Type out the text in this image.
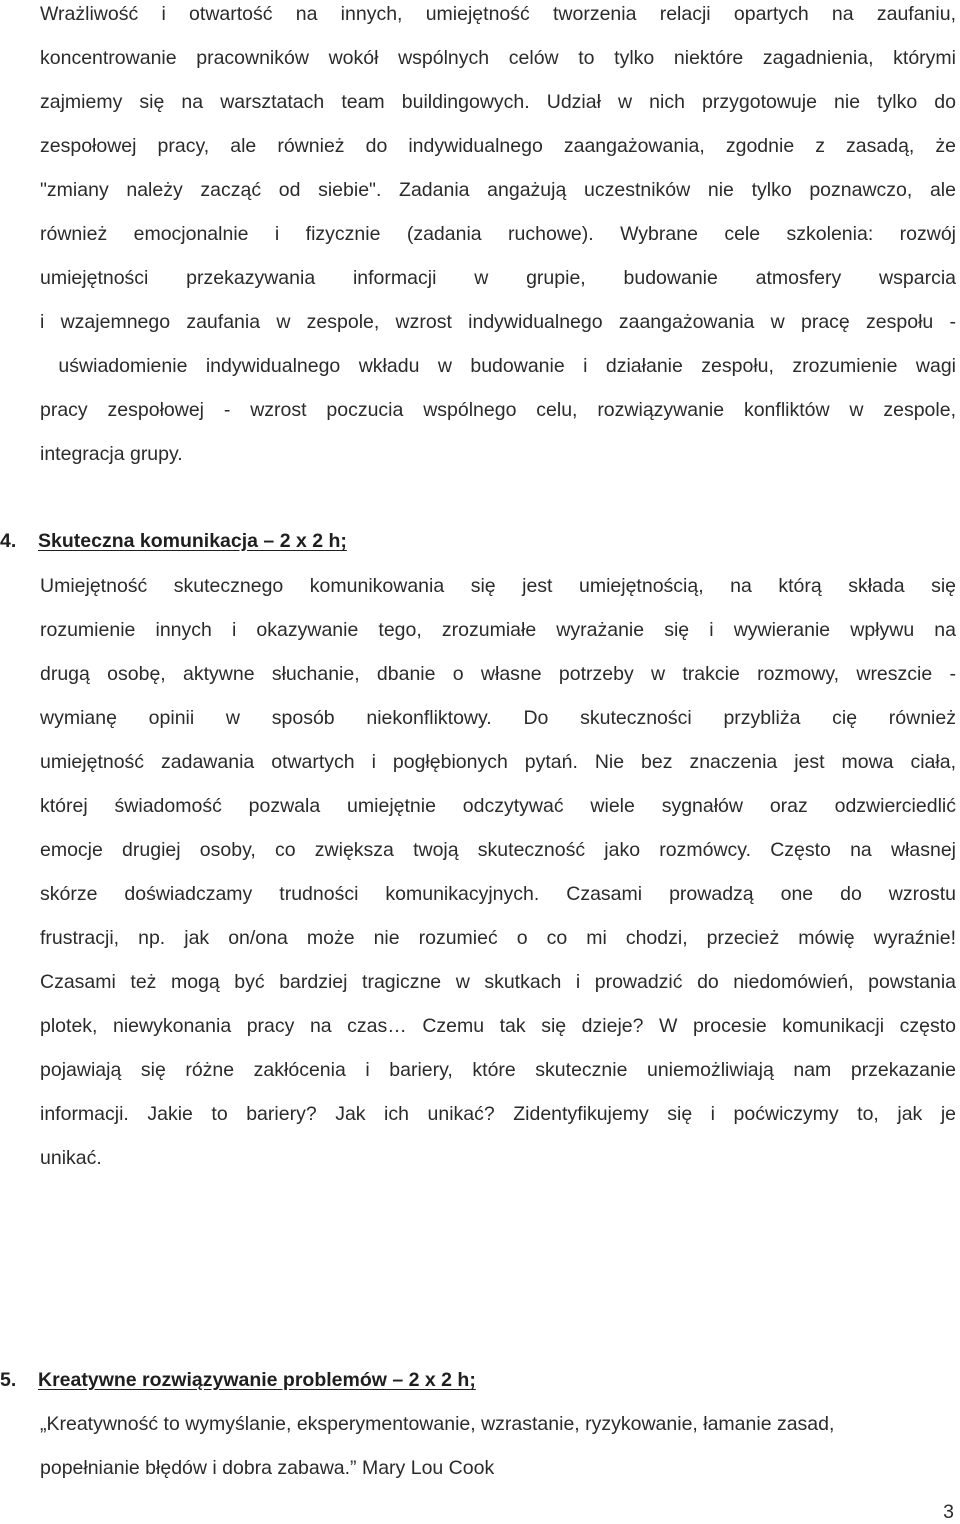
Wrażliwość i otwartość na innych, umiejętność tworzenia relacji opartych na zaufaniu,
koncentrowanie pracowników wokół wspólnych celów to tylko niektóre zagadnienia, którymi
zajmiemy się na warsztatach team buildingowych. Udział w nich przygotowuje nie tylko do
zespołowej pracy, ale również do indywidualnego zaangażowania, zgodnie z zasadą, że
"zmiany należy zacząć od siebie". Zadania angażują uczestników nie tylko poznawczo, ale
również emocjonalnie i fizycznie (zadania ruchowe). Wybrane cele szkolenia: rozwój
umiejętności przekazywania informacji w grupie, budowanie atmosfery wsparcia
i wzajemnego zaufania w zespole, wzrost indywidualnego zaangażowania w pracę zespołu -
uświadomienie indywidualnego wkładu w budowanie i działanie zespołu, zrozumienie wagi
pracy zespołowej - wzrost poczucia wspólnego celu, rozwiązywanie konfliktów w zespole,
integracja grupy.
4. Skuteczna komunikacja – 2 x 2 h;
Umiejętność skutecznego komunikowania się jest umiejętnością, na którą składa się
rozumienie innych i okazywanie tego, zrozumiałe wyrażanie się i wywieranie wpływu na
drugą osobę, aktywne słuchanie, dbanie o własne potrzeby w trakcie rozmowy, wreszcie -
wymianę opinii w sposób niekonfliktowy. Do skuteczności przybliża cię również
umiejętność zadawania otwartych i pogłębionych pytań. Nie bez znaczenia jest mowa ciała,
której świadomość pozwala umiejętnie odczytywać wiele sygnałów oraz odzwierciedlić
emocje drugiej osoby, co zwiększa twoją skuteczność jako rozmówcy. Często na własnej
skórze doświadczamy trudności komunikacyjnych. Czasami prowadzą one do wzrostu
frustracji, np. jak on/ona może nie rozumieć o co mi chodzi, przecież mówię wyraźnie!
Czasami też mogą być bardziej tragiczne w skutkach i prowadzić do niedomówień, powstania
plotek, niewykonania pracy na czas… Czemu tak się dzieje? W procesie komunikacji często
pojawiają się różne zakłócenia i bariery, które skutecznie uniemożliwiają nam przekazanie
informacji. Jakie to bariery? Jak ich unikać? Zidentyfikujemy się i poćwiczymy to, jak je
unikać.
5. Kreatywne rozwiązywanie problemów – 2 x 2 h;
„Kreatywność to wymyślanie, eksperymentowanie, wzrastanie, ryzykowanie, łamanie zasad,
popełnianie błędów i dobra zabawa.” Mary Lou Cook
3
